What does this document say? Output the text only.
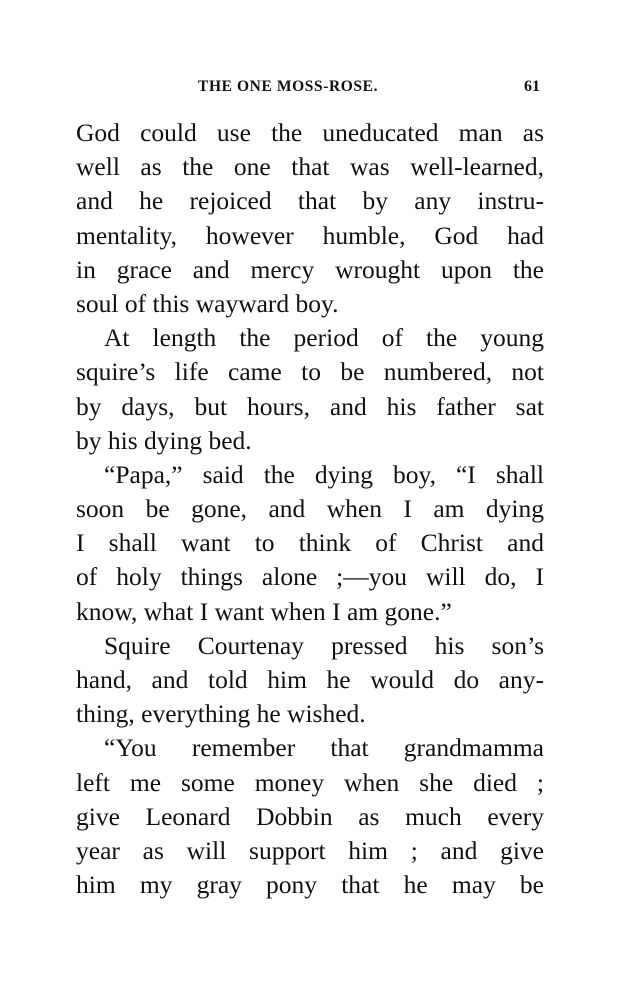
THE ONE MOSS-ROSE.	61
God could use the uneducated man as
well as the one that was well-learned,
and he rejoiced that by any instru-
mentality, however humble, God had
in grace and mercy wrought upon the
soul of this wayward boy.
At length the period of the young
squire’s life came to be numbered, not
by days, but hours, and his father sat
by his dying bed.
“Papa,” said the dying boy, “I shall
soon be gone, and when I am dying
I shall want to think of Christ and
of holy things alone ;—you will do, I
know, what I want when I am gone.”
Squire Courtenay pressed his son’s
hand, and told him he would do any-
thing, everything he wished.
“You remember that grandmamma
left me some money when she died ;
give Leonard Dobbin as much every
year as will support him ; and give
him my gray pony that he may be
